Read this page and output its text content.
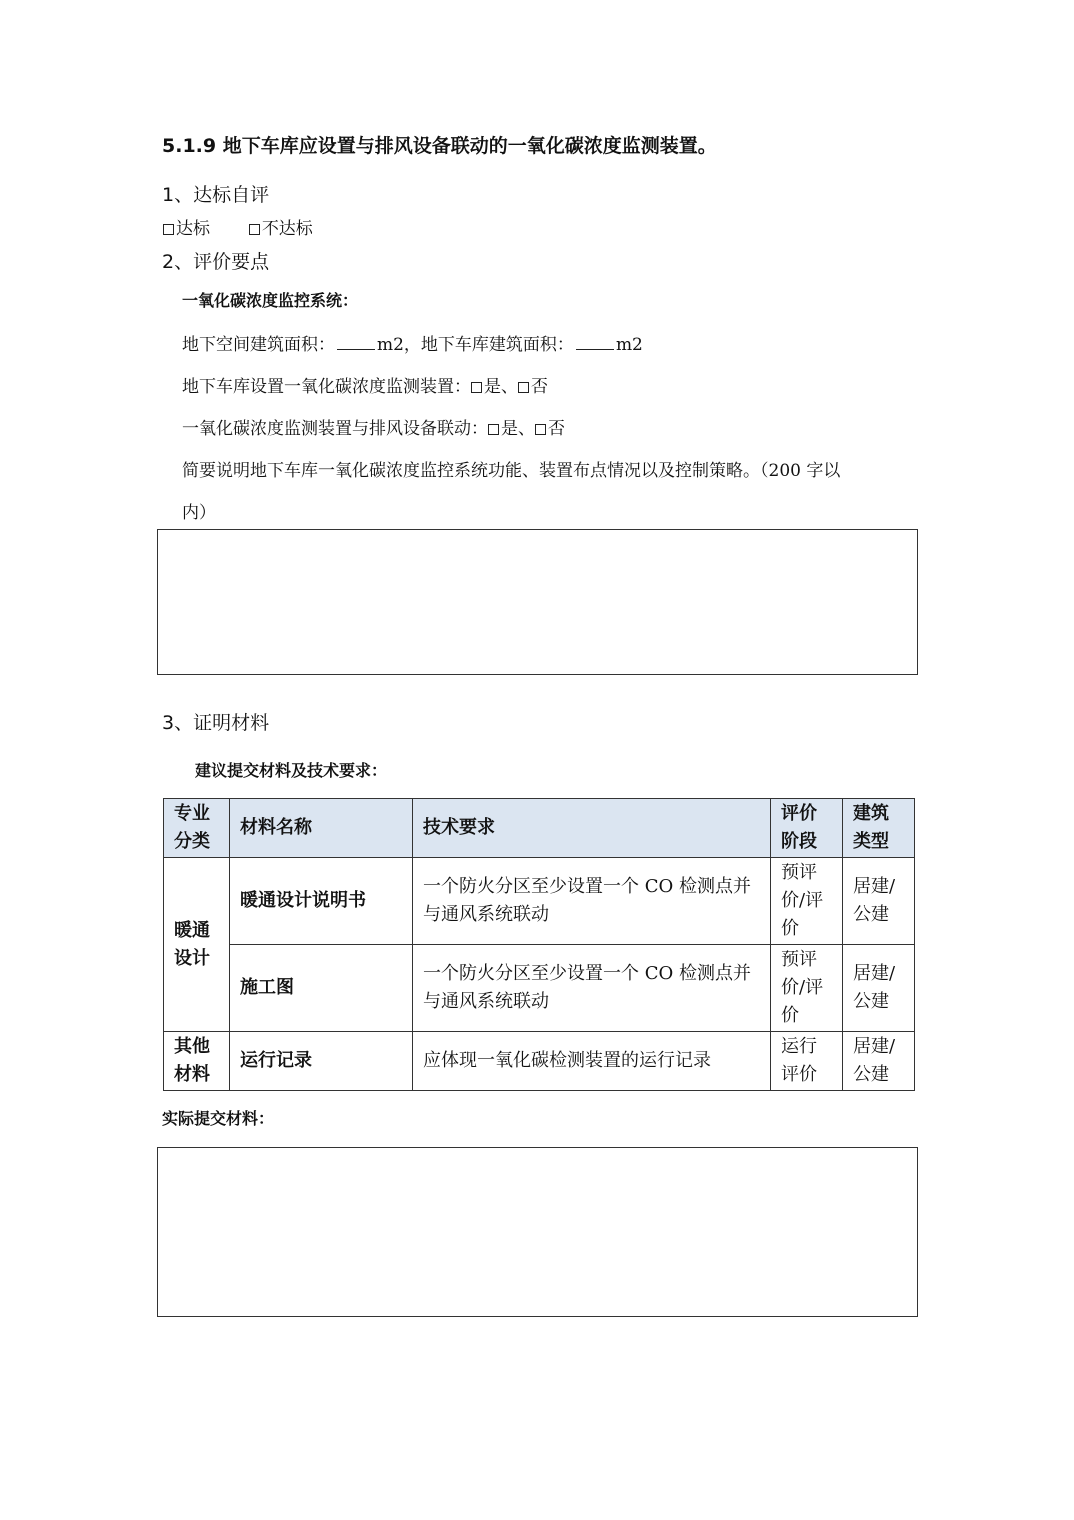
5.1.9 地下车库应设置与排风设备联动的一氧化碳浓度监测装置。
1、达标自评
达标	不达标
2、评价要点
一氧化碳浓度监控系统：
地下空间建筑面积： m2，地下车库建筑面积： m2
地下车库设置一氧化碳浓度监测装置： 是、 否
一氧化碳浓度监测装置与排风设备联动： 是、 否
简要说明地下车库一氧化碳浓度监控系统功能、装置布点情况以及控制策略。（200 字以
内）
3、证明材料
建议提交材料及技术要求：
专业分类	材料名称	技术要求	评价阶段	建筑类型
暖通设计	暖通设计说明书	一个防火分区至少设置一个 CO 检测点并与通风系统联动	预评价/评价	居建/公建
	施工图	一个防火分区至少设置一个 CO 检测点并与通风系统联动	预评价/评价	居建/公建
其他材料	运行记录	应体现一氧化碳检测装置的运行记录	运行评价	居建/公建
实际提交材料：
